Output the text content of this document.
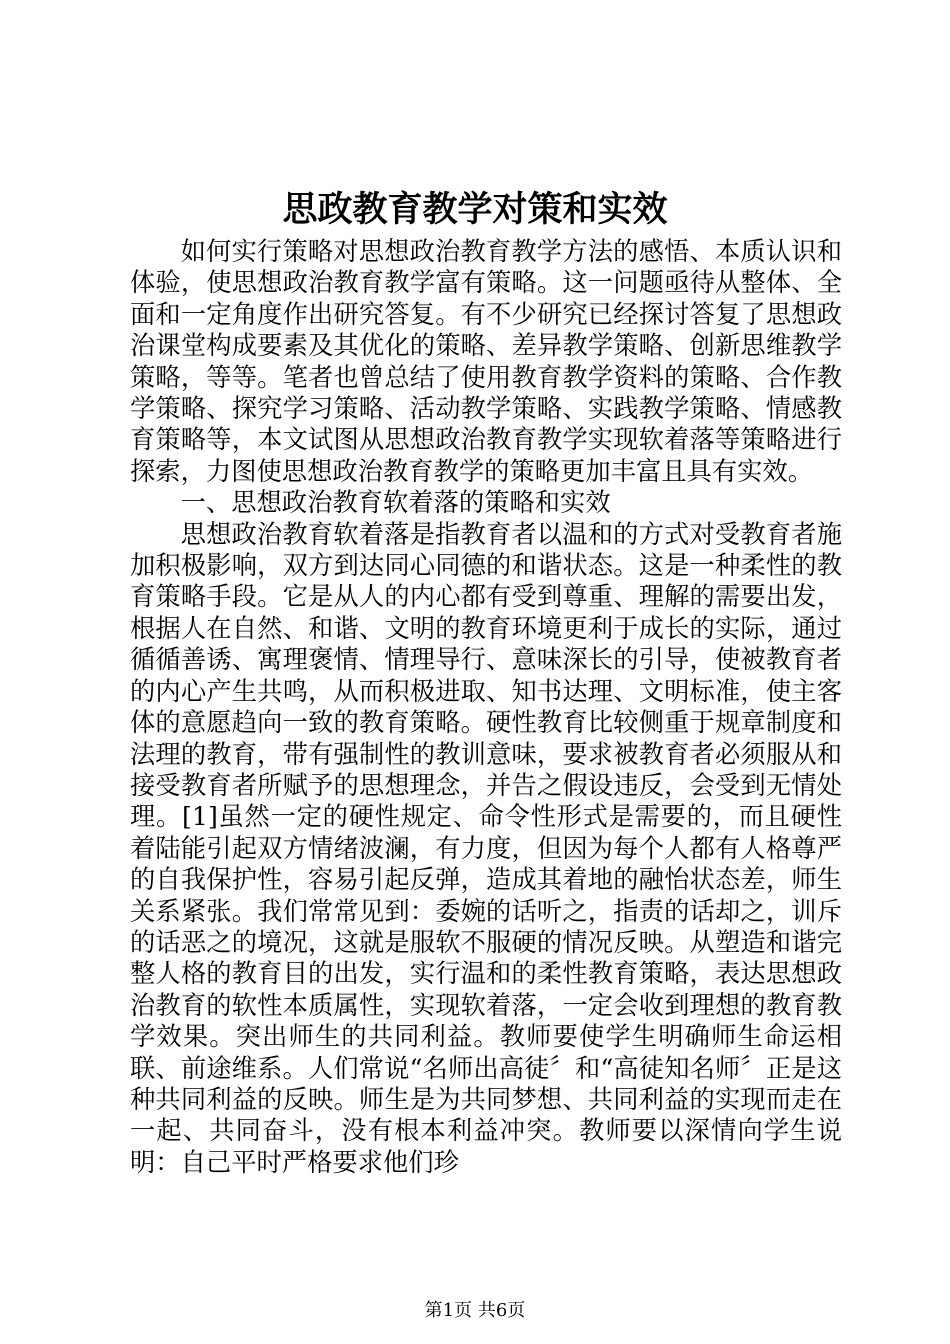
思政教育教学对策和实效

如何实行策略对思想政治教育教学方法的感悟、本质认识和体验，使思想政治教育教学富有策略。这一问题亟待从整体、全面和一定角度作出研究答复。有不少研究已经探讨答复了思想政治课堂构成要素及其优化的策略、差异教学策略、创新思维教学策略，等等。笔者也曾总结了使用教育教学资料的策略、合作教学策略、探究学习策略、活动教学策略、实践教学策略、情感教育策略等，本文试图从思想政治教育教学实现软着落等策略进行探索，力图使思想政治教育教学的策略更加丰富且具有实效。

一、思想政治教育软着落的策略和实效

思想政治教育软着落是指教育者以温和的方式对受教育者施加积极影响，双方到达同心同德的和谐状态。这是一种柔性的教育策略手段。它是从人的内心都有受到尊重、理解的需要出发，根据人在自然、和谐、文明的教育环境更利于成长的实际，通过循循善诱、寓理褒情、情理导行、意味深长的引导，使被教育者的内心产生共鸣，从而积极进取、知书达理、文明标准，使主客体的意愿趋向一致的教育策略。硬性教育比较侧重于规章制度和法理的教育，带有强制性的教训意味，要求被教育者必须服从和接受教育者所赋予的思想理念，并告之假设违反，会受到无情处理。[1]虽然一定的硬性规定、命令性形式是需要的，而且硬性着陆能引起双方情绪波澜，有力度，但因为每个人都有人格尊严的自我保护性，容易引起反弹，造成其着地的融怡状态差，师生关系紧张。我们常常见到：委婉的话听之，指责的话却之，训斥的话恶之的境况，这就是服软不服硬的情况反映。从塑造和谐完整人格的教育目的出发，实行温和的柔性教育策略，表达思想政治教育的软性本质属性，实现软着落，一定会收到理想的教育教学效果。突出师生的共同利益。教师要使学生明确师生命运相联、前途维系。人们常说“名师出高徒〞和“高徒知名师〞正是这种共同利益的反映。师生是为共同梦想、共同利益的实现而走在一起、共同奋斗，没有根本利益冲突。教师要以深情向学生说明：自己平时严格要求他们珍

第1页 共6页
